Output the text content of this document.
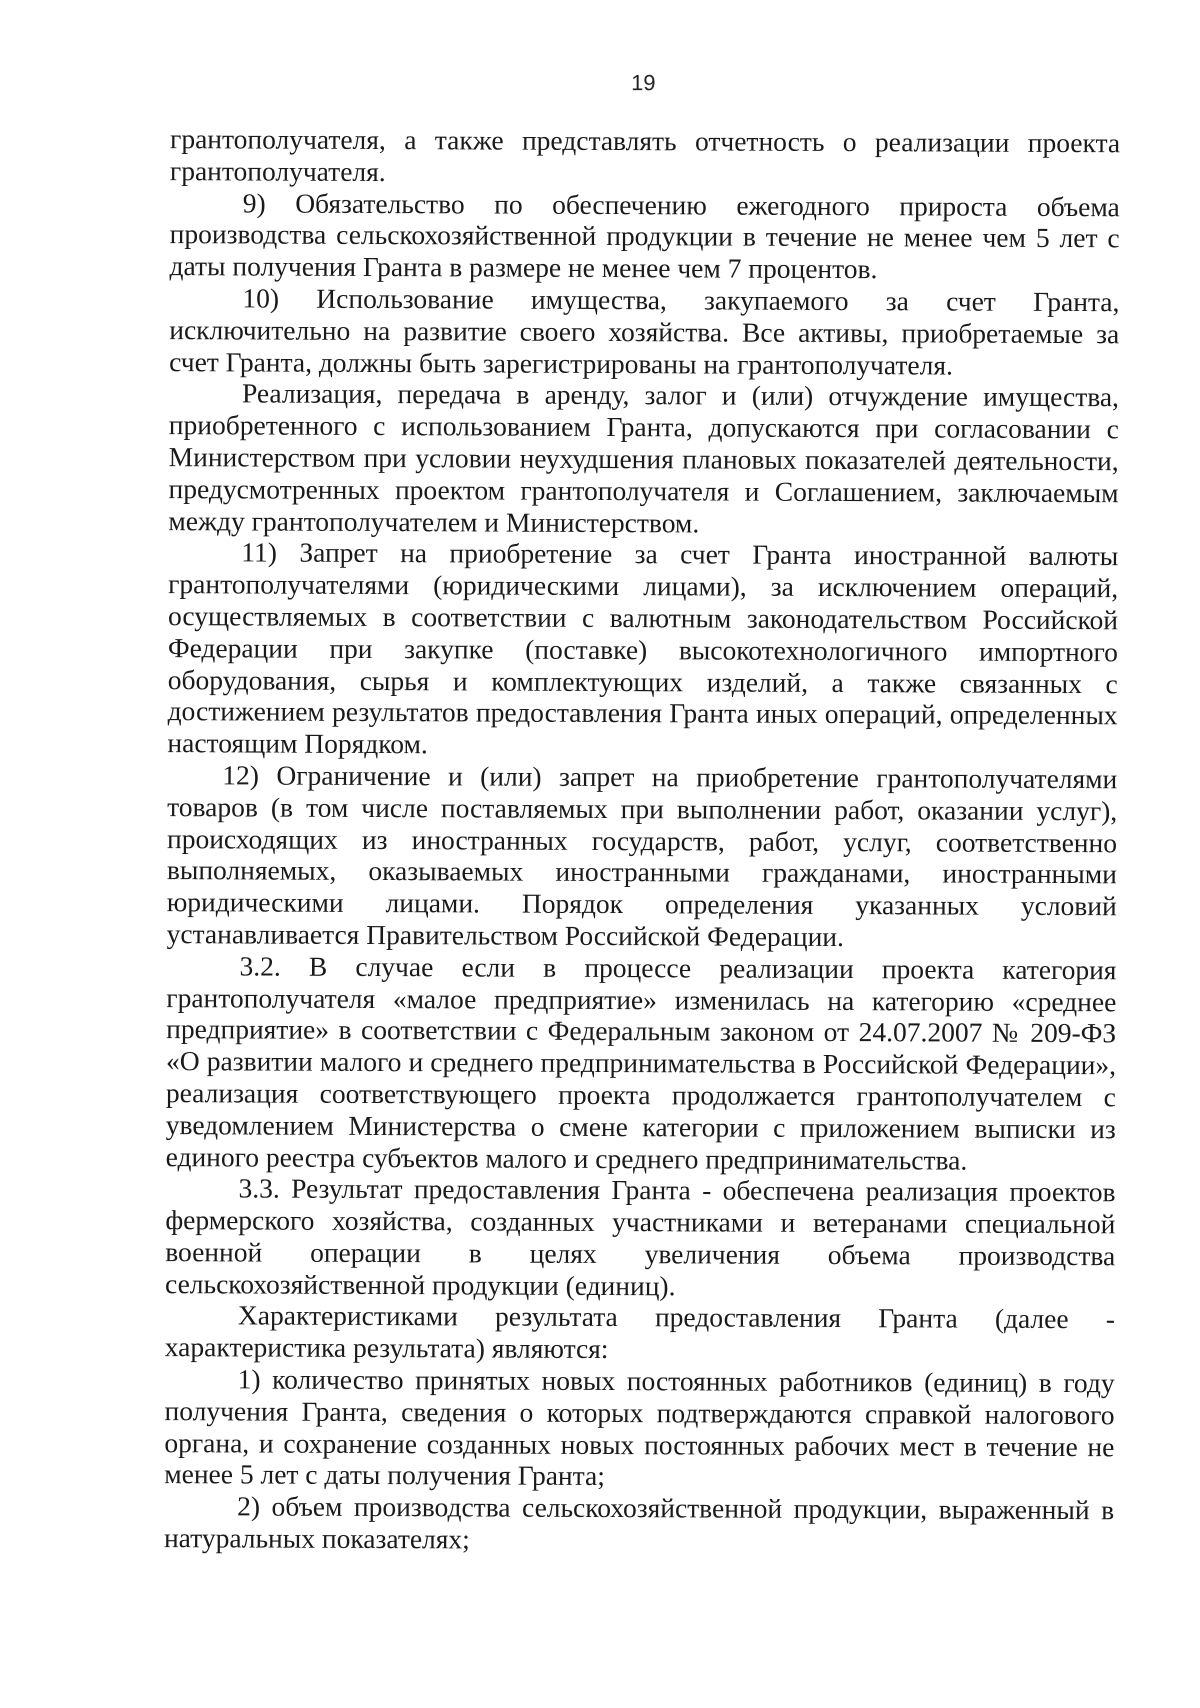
19

грантополучателя, а также представлять отчетность о реализации проекта грантополучателя.

9) Обязательство по обеспечению ежегодного прироста объема производства сельскохозяйственной продукции в течение не менее чем 5 лет с даты получения Гранта в размере не менее чем 7 процентов.

10) Использование имущества, закупаемого за счет Гранта, исключительно на развитие своего хозяйства. Все активы, приобретаемые за счет Гранта, должны быть зарегистрированы на грантополучателя.

Реализация, передача в аренду, залог и (или) отчуждение имущества, приобретенного с использованием Гранта, допускаются при согласовании с Министерством при условии неухудшения плановых показателей деятельности, предусмотренных проектом грантополучателя и Соглашением, заключаемым между грантополучателем и Министерством.

11) Запрет на приобретение за счет Гранта иностранной валюты грантополучателями (юридическими лицами), за исключением операций, осуществляемых в соответствии с валютным законодательством Российской Федерации при закупке (поставке) высокотехнологичного импортного оборудования, сырья и комплектующих изделий, а также связанных с достижением результатов предоставления Гранта иных операций, определенных настоящим Порядком.

12) Ограничение и (или) запрет на приобретение грантополучателями товаров (в том числе поставляемых при выполнении работ, оказании услуг), происходящих из иностранных государств, работ, услуг, соответственно выполняемых, оказываемых иностранными гражданами, иностранными юридическими лицами. Порядок определения указанных условий устанавливается Правительством Российской Федерации.

3.2. В случае если в процессе реализации проекта категория грантополучателя «малое предприятие» изменилась на категорию «среднее предприятие» в соответствии с Федеральным законом от 24.07.2007 № 209-ФЗ «О развитии малого и среднего предпринимательства в Российской Федерации», реализация соответствующего проекта продолжается грантополучателем с уведомлением Министерства о смене категории с приложением выписки из единого реестра субъектов малого и среднего предпринимательства.

3.3. Результат предоставления Гранта - обеспечена реализация проектов фермерского хозяйства, созданных участниками и ветеранами специальной военной операции в целях увеличения объема производства сельскохозяйственной продукции (единиц).

Характеристиками результата предоставления Гранта (далее - характеристика результата) являются:

1) количество принятых новых постоянных работников (единиц) в году получения Гранта, сведения о которых подтверждаются справкой налогового органа, и сохранение созданных новых постоянных рабочих мест в течение не менее 5 лет с даты получения Гранта;

2) объем производства сельскохозяйственной продукции, выраженный в натуральных показателях;
